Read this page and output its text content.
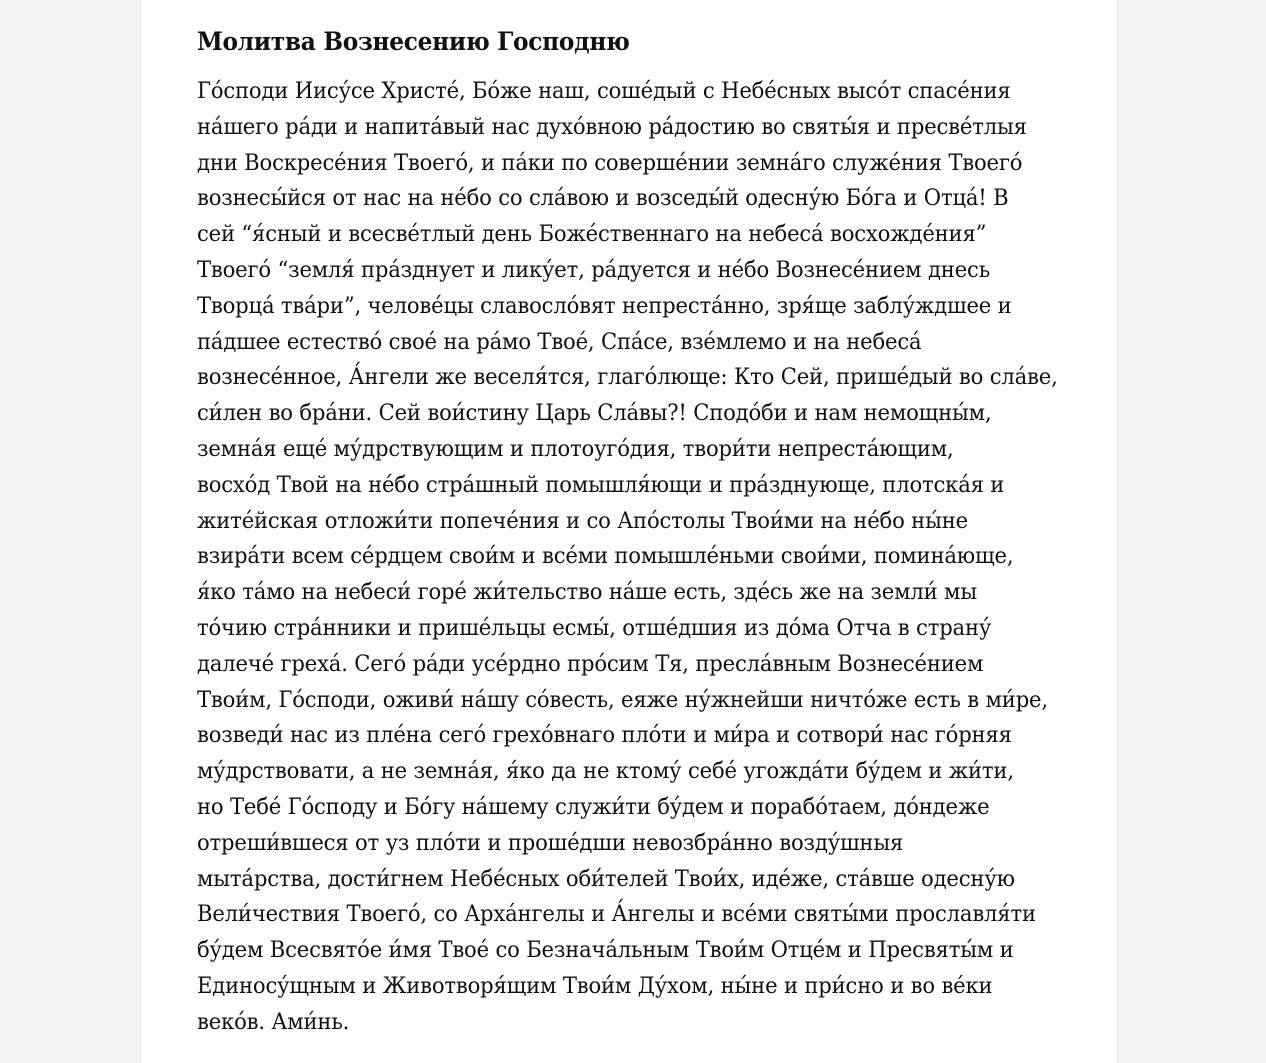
Молитва Вознесению Господню
Го́споди Иису́се Христе́, Бо́же наш, соше́дый с Небе́сных высо́т спасе́ния
на́шего ра́ди и напита́вый нас духо́вною ра́достию во святы́я и пресве́тлыя
дни Воскресе́ния Твоего́, и па́ки по соверше́нии земна́го служе́ния Твоего́
вознесы́йся от нас на не́бо со сла́вою и возседы́й одесну́ю Бо́га и Отца́! В
сей “я́сный и всесве́тлый день Боже́ственнаго на небеса́ восхожде́ния”
Твоего́ “земля́ пра́зднует и лику́ет, ра́дуется и не́бо Вознесе́нием днесь
Творца́ тва́ри”, челове́цы славосло́вят непреста́нно, зря́ще заблу́ждшее и
па́дшее естество́ свое́ на ра́мо Твое́, Спа́се, взе́млемо и на небеса́
вознесе́нное, А́нгели же веселя́тся, глаго́люще: Кто Сей, прише́дый во сла́ве,
си́лен во бра́ни. Сей вои́стину Царь Сла́вы?! Сподо́би и нам немощны́м,
земна́я еще́ му́дрствующим и плотоуго́дия, твори́ти непреста́ющим,
восхо́д Твой на не́бо стра́шный помышля́ющи и пра́зднующе, плотска́я и
жите́йская отложи́ти попече́ния и со Апо́столы Твои́ми на не́бо ны́не
взира́ти всем се́рдцем свои́м и все́ми помышле́ньми свои́ми, помина́юще,
я́ко та́мо на небеси́ горе́ жи́тельство на́ше есть, зде́сь же на земли́ мы
то́чию стра́нники и прише́льцы есмы́, отше́дшия из до́ма Отча в страну́
далече́ греха́. Сего́ ра́ди усе́рдно про́сим Тя, пресла́вным Вознесе́нием
Твои́м, Го́споди, оживи́ на́шу со́весть, еяже ну́жнейши ничто́же есть в ми́ре,
возведи́ нас из пле́на сего́ грехо́внаго пло́ти и ми́ра и сотвори́ нас го́рняя
му́дрствовати, а не земна́я, я́ко да не ктому́ себе́ угожда́ти бу́дем и жи́ти,
но Тебе́ Го́споду и Бо́гу на́шему служи́ти бу́дем и порабо́таем, до́ндеже
отреши́вшеся от уз пло́ти и проше́дши невозбра́нно возду́шныя
мыта́рства, дости́гнем Небе́сных оби́телей Твои́х, иде́же, ста́вше одесну́ю
Вели́чествия Твоего́, со Арха́нгелы и А́нгелы и все́ми святы́ми прославля́ти
бу́дем Всесвято́е и́мя Твое́ со Безнача́льным Твои́м Отце́м и Пресвяты́м и
Единосу́щным и Животворя́щим Твои́м Ду́хом, ны́не и при́сно и во ве́ки
веко́в. Ами́нь.
